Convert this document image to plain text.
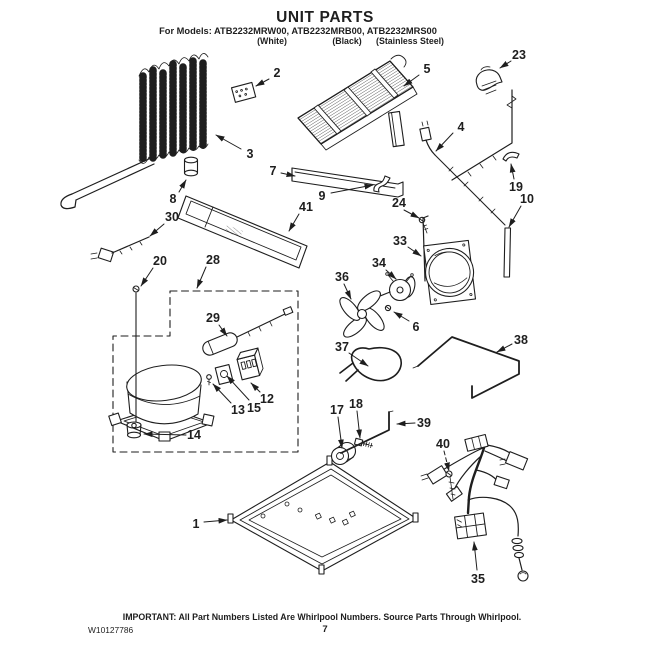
UNIT PARTS
For Models: ATB2232MRW00, ATB2232MRB00, ATB2232MRS00
(White)	(Black) (Stainless Steel)
2
23
5
3
4
7
9	24
19
10
8
30
41
20	28
33
34
36
6
29
37	38
12
13 15
14
17 18
39
40
1
35
IMPORTANT: All Part Numbers Listed Are Whirlpool Numbers. Source Parts Through Whirlpool.
W10127786	7
